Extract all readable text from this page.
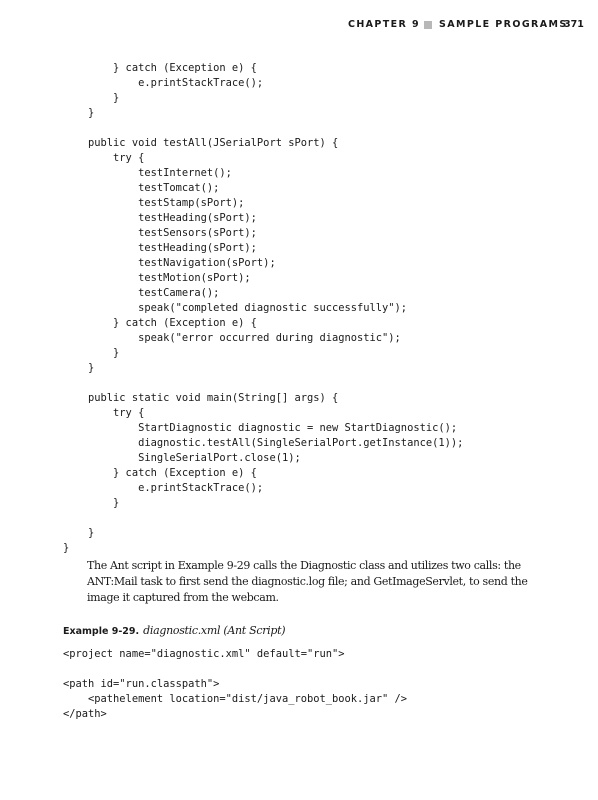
CHAPTER 9 SAMPLE PROGRAMS
371
} catch (Exception e) {
e.printStackTrace();
}
}
public void testAll(JSerialPort sPort) {
try {
testInternet();
testTomcat();
testStamp(sPort);
testHeading(sPort);
testSensors(sPort);
testHeading(sPort);
testNavigation(sPort);
testMotion(sPort);
testCamera();
speak("completed diagnostic successfully");
} catch (Exception e) {
speak("error occurred during diagnostic");
}
}
public static void main(String[] args) {
try {
StartDiagnostic diagnostic = new StartDiagnostic();
diagnostic.testAll(SingleSerialPort.getInstance(1));
SingleSerialPort.close(1);
} catch (Exception e) {
e.printStackTrace();
}
}
}

The Ant script in Example 9-29 calls the Diagnostic class and utilizes two calls: the ANT:Mail task to first send the diagnostic.log file; and GetImageServlet, to send the image it captured from the webcam.

Example 9-29. diagnostic.xml (Ant Script)

<project name="diagnostic.xml" default="run">
<path id="run.classpath">
<pathelement location="dist/java_robot_book.jar" />
</path>
